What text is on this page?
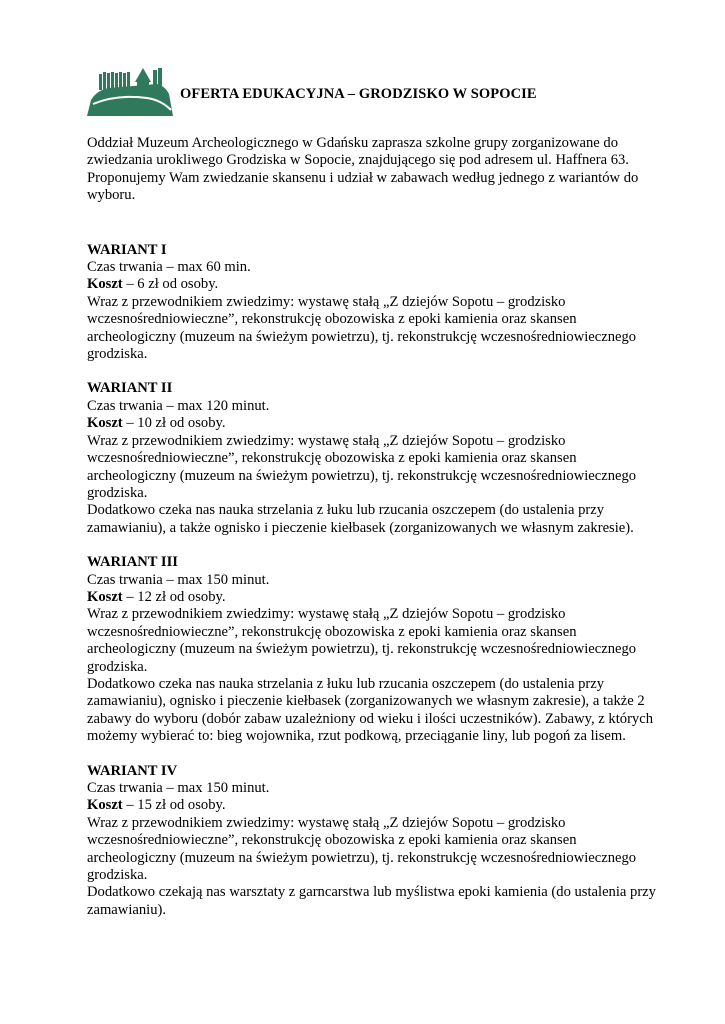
OFERTA EDUKACYJNA – GRODZISKO W SOPOCIE

Oddział Muzeum Archeologicznego w Gdańsku zaprasza szkolne grupy zorganizowane do zwiedzania urokliwego Grodziska w Sopocie, znajdującego się pod adresem ul. Haffnera 63. Proponujemy Wam zwiedzanie skansenu i udział w zabawach według jednego z wariantów do wyboru.

WARIANT I

Czas trwania – max 60 min.

Koszt – 6 zł od osoby.

Wraz z przewodnikiem zwiedzimy: wystawę stałą „Z dziejów Sopotu – grodzisko wczesnośredniowieczne”, rekonstrukcję obozowiska z epoki kamienia oraz skansen archeologiczny (muzeum na świeżym powietrzu), tj. rekonstrukcję wczesnośredniowiecznego grodziska.

WARIANT II

Czas trwania – max 120 minut.

Koszt – 10 zł od osoby.

Wraz z przewodnikiem zwiedzimy: wystawę stałą „Z dziejów Sopotu – grodzisko wczesnośredniowieczne”, rekonstrukcję obozowiska z epoki kamienia oraz skansen archeologiczny (muzeum na świeżym powietrzu), tj. rekonstrukcję wczesnośredniowiecznego grodziska.

Dodatkowo czeka nas nauka strzelania z łuku lub rzucania oszczepem (do ustalenia przy zamawianiu), a także ognisko i pieczenie kiełbasek (zorganizowanych we własnym zakresie).

WARIANT III

Czas trwania – max 150 minut.

Koszt – 12 zł od osoby.

Wraz z przewodnikiem zwiedzimy: wystawę stałą „Z dziejów Sopotu – grodzisko wczesnośredniowieczne”, rekonstrukcję obozowiska z epoki kamienia oraz skansen archeologiczny (muzeum na świeżym powietrzu), tj. rekonstrukcję wczesnośredniowiecznego grodziska.

Dodatkowo czeka nas nauka strzelania z łuku lub rzucania oszczepem (do ustalenia przy zamawianiu), ognisko i pieczenie kiełbasek (zorganizowanych we własnym zakresie), a także 2 zabawy do wyboru (dobór zabaw uzależniony od wieku i ilości uczestników). Zabawy, z których możemy wybierać to: bieg wojownika, rzut podkową, przeciąganie liny, lub pogoń za lisem.

WARIANT IV

Czas trwania – max 150 minut.

Koszt – 15 zł od osoby.

Wraz z przewodnikiem zwiedzimy: wystawę stałą „Z dziejów Sopotu – grodzisko wczesnośredniowieczne”, rekonstrukcję obozowiska z epoki kamienia oraz skansen archeologiczny (muzeum na świeżym powietrzu), tj. rekonstrukcję wczesnośredniowiecznego grodziska.

Dodatkowo czekają nas warsztaty z garncarstwa lub myślistwa epoki kamienia (do ustalenia przy zamawianiu).
